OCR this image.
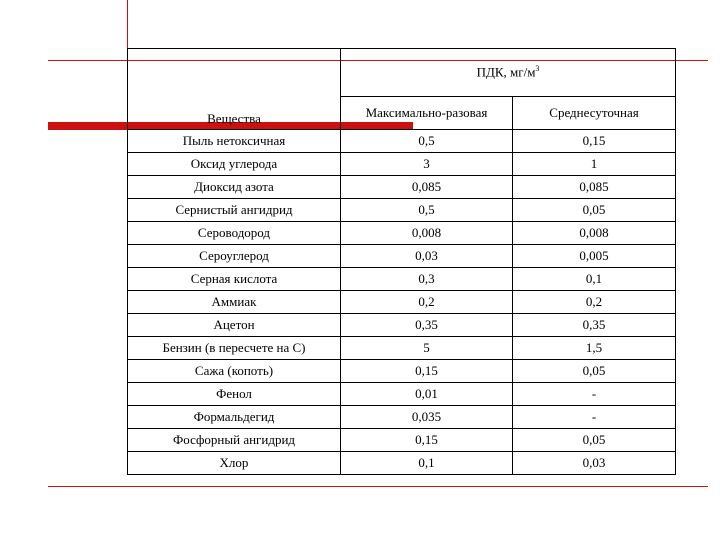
Вещества	ПДК, $мг/м^3$
	Максимально-разовая	Среднесуточная
Пыль нетоксичная	0,5	0,15
Оксид углерода	3	1
Диоксид азота	0,085	0,085
Сернистый ангидрид	0,5	0,05
Сероводород	0,008	0,008
Сероуглерод	0,03	0,005
Серная кислота	0,3	0,1
Аммиак	0,2	0,2
Ацетон	0,35	0,35
Бензин (в пересчете на С)	5	1,5
Сажа (копоть)	0,15	0,05
Фенол	0,01	-
Формальдегид	0,035	-
Фосфорный ангидрид	0,15	0,05
Хлор	0,1	0,03
